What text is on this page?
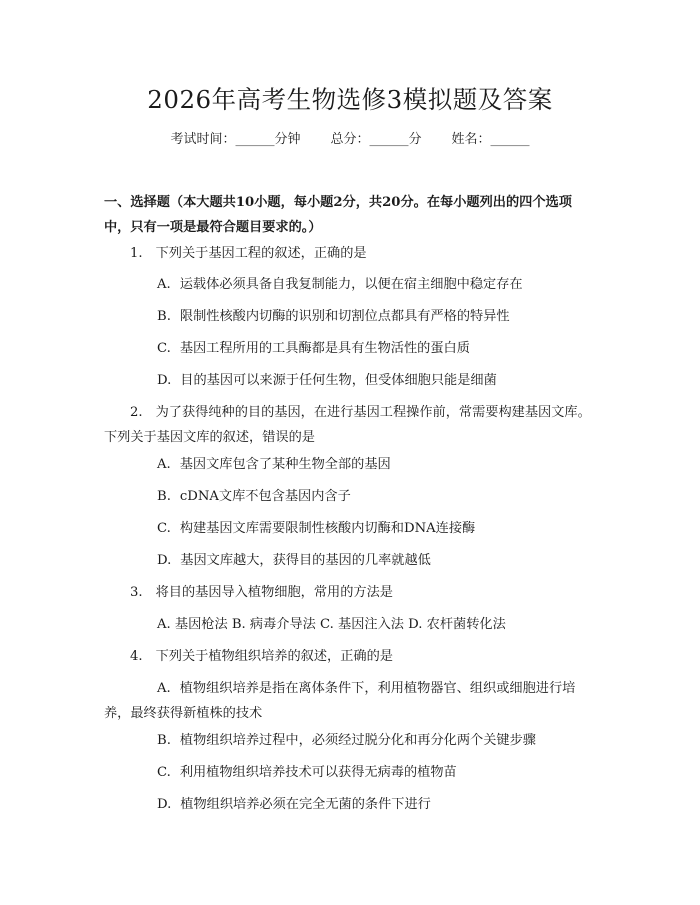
2026年高考生物选修3模拟题及答案
考试时间：______分钟 总分：______分 姓名：______
一、选择题（本大题共10小题，每小题2分，共20分。在每小题列出的四个选项中，只有一项是最符合题目要求的。）
1. 下列关于基因工程的叙述，正确的是
A. 运载体必须具备自我复制能力，以便在宿主细胞中稳定存在
B. 限制性核酸内切酶的识别和切割位点都具有严格的特异性
C. 基因工程所用的工具酶都是具有生物活性的蛋白质
D. 目的基因可以来源于任何生物，但受体细胞只能是细菌
2. 为了获得纯种的目的基因，在进行基因工程操作前，常需要构建基因文库。下列关于基因文库的叙述，错误的是
A. 基因文库包含了某种生物全部的基因
B. cDNA文库不包含基因内含子
C. 构建基因文库需要限制性核酸内切酶和DNA连接酶
D. 基因文库越大，获得目的基因的几率就越低
3. 将目的基因导入植物细胞，常用的方法是
A. 基因枪法 B. 病毒介导法 C. 基因注入法 D. 农杆菌转化法
4. 下列关于植物组织培养的叙述，正确的是
A. 植物组织培养是指在离体条件下，利用植物器官、组织或细胞进行培养，最终获得新植株的技术
B. 植物组织培养过程中，必须经过脱分化和再分化两个关键步骤
C. 利用植物组织培养技术可以获得无病毒的植物苗
D. 植物组织培养必须在完全无菌的条件下进行
